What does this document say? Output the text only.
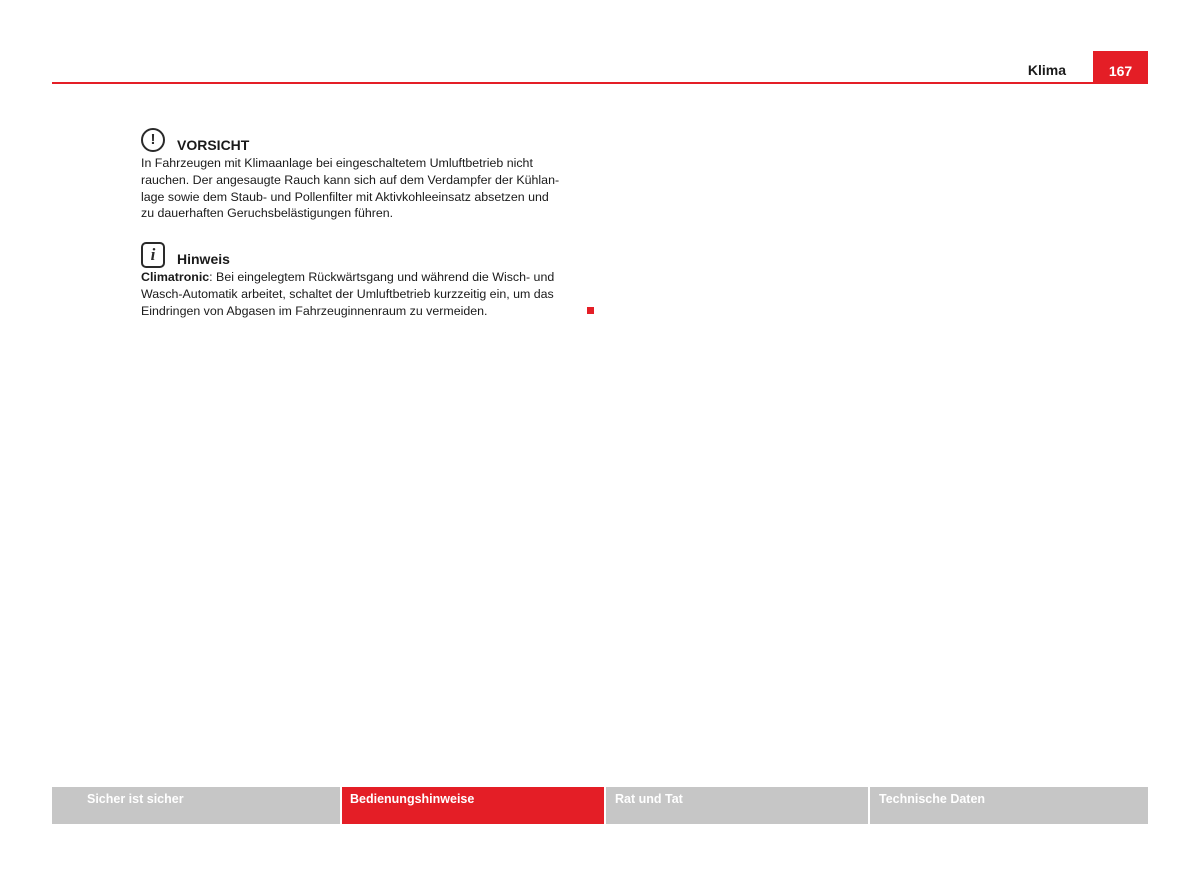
Klima	167
!	VORSICHT

In Fahrzeugen mit Klimaanlage bei eingeschaltetem Umluftbetrieb nicht
rauchen. Der angesaugte Rauch kann sich auf dem Verdampfer der Kühlan-
lage sowie dem Staub- und Pollenfilter mit Aktivkohleeinsatz absetzen und
zu dauerhaften Geruchsbelästigungen führen.

i	Hinweis

Climatronic: Bei eingelegtem Rückwärtsgang und während die Wisch- und
Wasch-Automatik arbeitet, schaltet der Umluftbetrieb kurzzeitig ein, um das
Eindringen von Abgasen im Fahrzeuginnenraum zu vermeiden.

Sicher ist sicher	Bedienungshinweise	Rat und Tat	Technische Daten
